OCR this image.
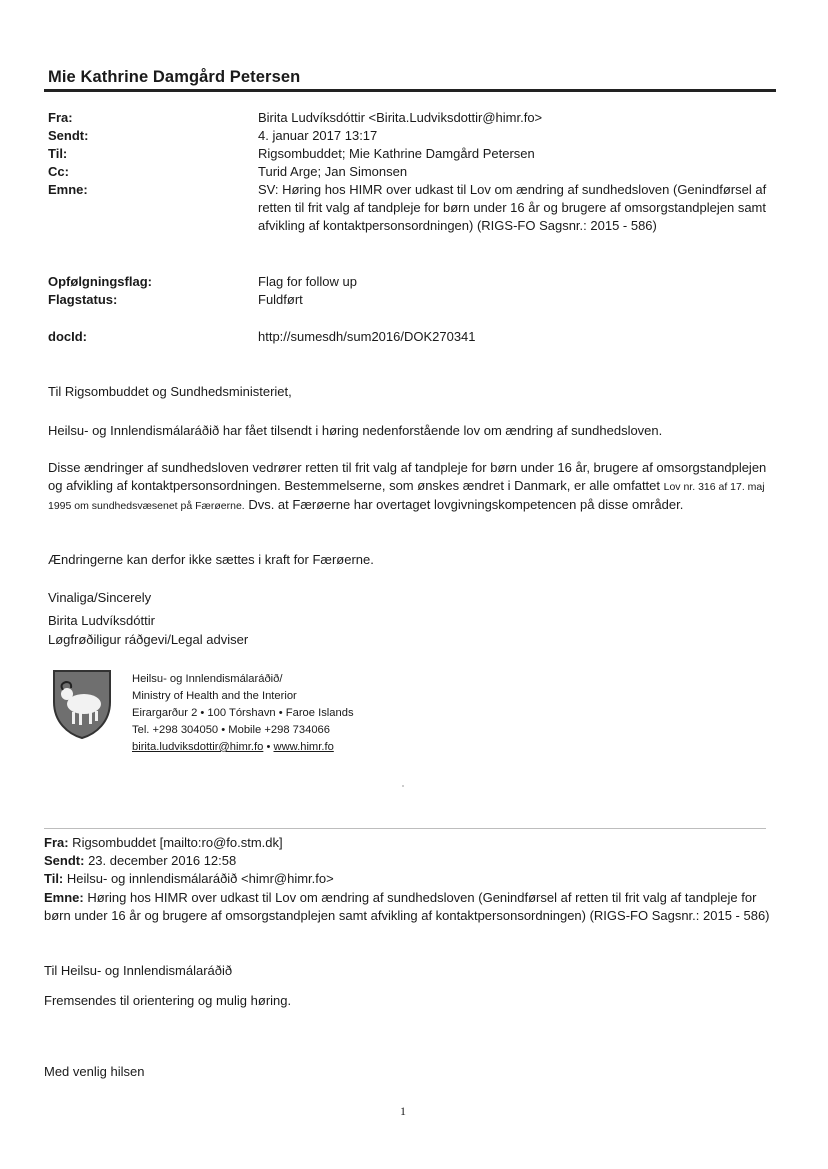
Mie Kathrine Damgård Petersen
Fra:
Sendt:
Til:
Cc:
Emne:
Opfølgningsflag:
Flagstatus:
docId:
Birita Ludvíksdóttir <Birita.Ludviksdottir@himr.fo>
4. januar 2017 13:17
Rigsombuddet; Mie Kathrine Damgård Petersen
Turid Arge; Jan Simonsen
SV: Høring hos HIMR over udkast til Lov om ændring af sundhedsloven (Genindførsel af retten til frit valg af tandpleje for børn under 16 år og brugere af omsorgstandplejen samt afvikling af kontaktpersonsordningen) (RIGS-FO Sagsnr.: 2015 - 586)
Flag for follow up
Fuldført
http://sumesdh/sum2016/DOK270341
Til Rigsombuddet og Sundhedsministeriet,
Heilsu- og Innlendismálaráðið har fået tilsendt i høring nedenforstående lov om ændring af sundhedsloven.
Disse ændringer af sundhedsloven vedrører retten til frit valg af tandpleje for børn under 16 år, brugere af omsorgstandplejen og afvikling af kontaktpersonsordningen. Bestemmelserne, som ønskes ændret i Danmark, er alle omfattet Lov nr. 316 af 17. maj 1995 om sundhedsvæsenet på Færøerne. Dvs. at Færøerne har overtaget lovgivningskompetencen på disse områder.
Ændringerne kan derfor ikke sættes i kraft for Færøerne.
Vinaliga/Sincerely
Birita Ludvíksdóttir
Løgfrøðiligur ráðgevi/Legal adviser
Heilsu- og Innlendismálaráðið/
Ministry of Health and the Interior
Eirargarður 2 • 100 Tórshavn • Faroe Islands
Tel. +298 304050 • Mobile +298 734066
birita.ludviksdottir@himr.fo • www.himr.fo
Fra: Rigsombuddet [mailto:ro@fo.stm.dk]
Sendt: 23. december 2016 12:58
Til: Heilsu- og innlendismálaráðið <himr@himr.fo>
Emne: Høring hos HIMR over udkast til Lov om ændring af sundhedsloven (Genindførsel af retten til frit valg af tandpleje for børn under 16 år og brugere af omsorgstandplejen samt afvikling af kontaktpersonsordningen) (RIGS-FO Sagsnr.: 2015 - 586)
Til Heilsu- og Innlendismálaráðið
Fremsendes til orientering og mulig høring.
Med venlig hilsen
1
